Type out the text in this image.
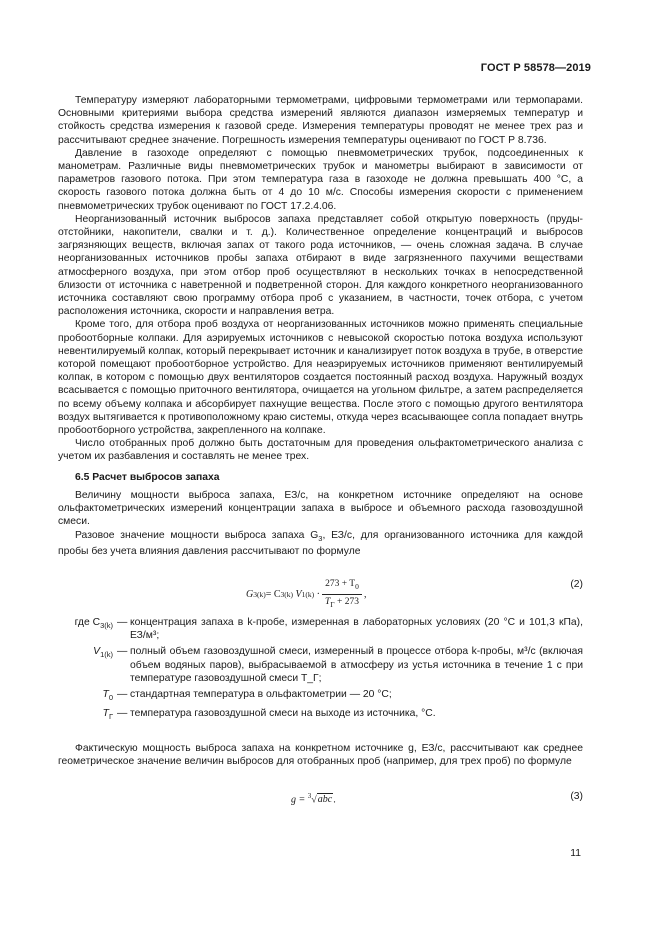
ГОСТ Р 58578—2019

Температуру измеряют лабораторными термометрами, цифровыми термометрами или термопарами. Основными критериями выбора средства измерений являются диапазон измеряемых температур и стойкость средства измерения к газовой среде. Измерения температуры проводят не менее трех раз и рассчитывают среднее значение. Погрешность измерения температуры оценивают по ГОСТ Р 8.736.

Давление в газоходе определяют с помощью пневмометрических трубок, подсоединенных к манометрам. Различные виды пневмометрических трубок и манометры выбирают в зависимости от параметров газового потока. При этом температура газа в газоходе не должна превышать 400 °С, а скорость газового потока должна быть от 4 до 10 м/с. Способы измерения скорости с применением пневмометрических трубок оценивают по ГОСТ 17.2.4.06.

Неорганизованный источник выбросов запаха представляет собой открытую поверхность (пруды-отстойники, накопители, свалки и т. д.). Количественное определение концентраций и выбросов загрязняющих веществ, включая запах от такого рода источников, — очень сложная задача. В случае неорганизованных источников пробы запаха отбирают в виде загрязненного пахучими веществами атмосферного воздуха, при этом отбор проб осуществляют в нескольких точках в непосредственной близости от источника с наветренной и подветренной сторон. Для каждого конкретного неорганизованного источника составляют свою программу отбора проб с указанием, в частности, точек отбора, с учетом расположения источника, скорости и направления ветра.

Кроме того, для отбора проб воздуха от неорганизованных источников можно применять специальные пробоотборные колпаки. Для аэрируемых источников с невысокой скоростью потока воздуха используют невентилируемый колпак, который перекрывает источник и канализирует поток воздуха в трубе, в отверстие которой помещают пробоотборное устройство. Для неаэрируемых источников применяют вентилируемый колпак, в котором с помощью двух вентиляторов создается постоянный расход воздуха. Наружный воздух всасывается с помощью приточного вентилятора, очищается на угольном фильтре, а затем распределяется по всему объему колпака и абсорбирует пахнущие вещества. После этого с помощью другого вентилятора воздух вытягивается к противоположному краю системы, откуда через всасывающее сопла попадает внутрь пробоотборного устройства, закрепленного на колпаке.

Число отобранных проб должно быть достаточным для проведения ольфактометрического анализа с учетом их разбавления и составлять не менее трех.

6.5 Расчет выбросов запаха

Величину мощности выброса запаха, ЕЗ/с, на конкретном источнике определяют на основе ольфактометрических измерений концентрации запаха в выбросе и объемного расхода газовоздушной смеси.

Разовое значение мощности выброса запаха $G_3$, ЕЗ/с, для организованного источника для каждой пробы без учета влияния давления рассчитывают по формуле

G 3(k) = C 3(k)
V $1(k) \cdot \frac{273 + T_0}{T_Г + 273}$ ,
(2)
где $C_{3(k)}$ — концентрация запаха в k-пробе, измеренная в лабораторных условиях (20 °С и 101,3 кПа), ЕЗ/м³;
$V_{1(k)}$ — полный объем газовоздушной смеси, измеренный в процессе отбора k-пробы, м³/с (включая объем водяных паров), выбрасываемой в атмосферу из устья источника в течение 1 с при температуре газовоздушной смеси T_Г;
$T_0$ — стандартная температура в ольфактометрии — 20 °С;
$T_Г$ — температура газовоздушной смеси на выходе из источника, °С.

Фактическую мощность выброса запаха на конкретном источнике g, ЕЗ/с, рассчитывают как среднее геометрическое значение величин выбросов для отобранных проб (например, для трех проб) по формуле

g = $^3$√abc.	(3)
11
